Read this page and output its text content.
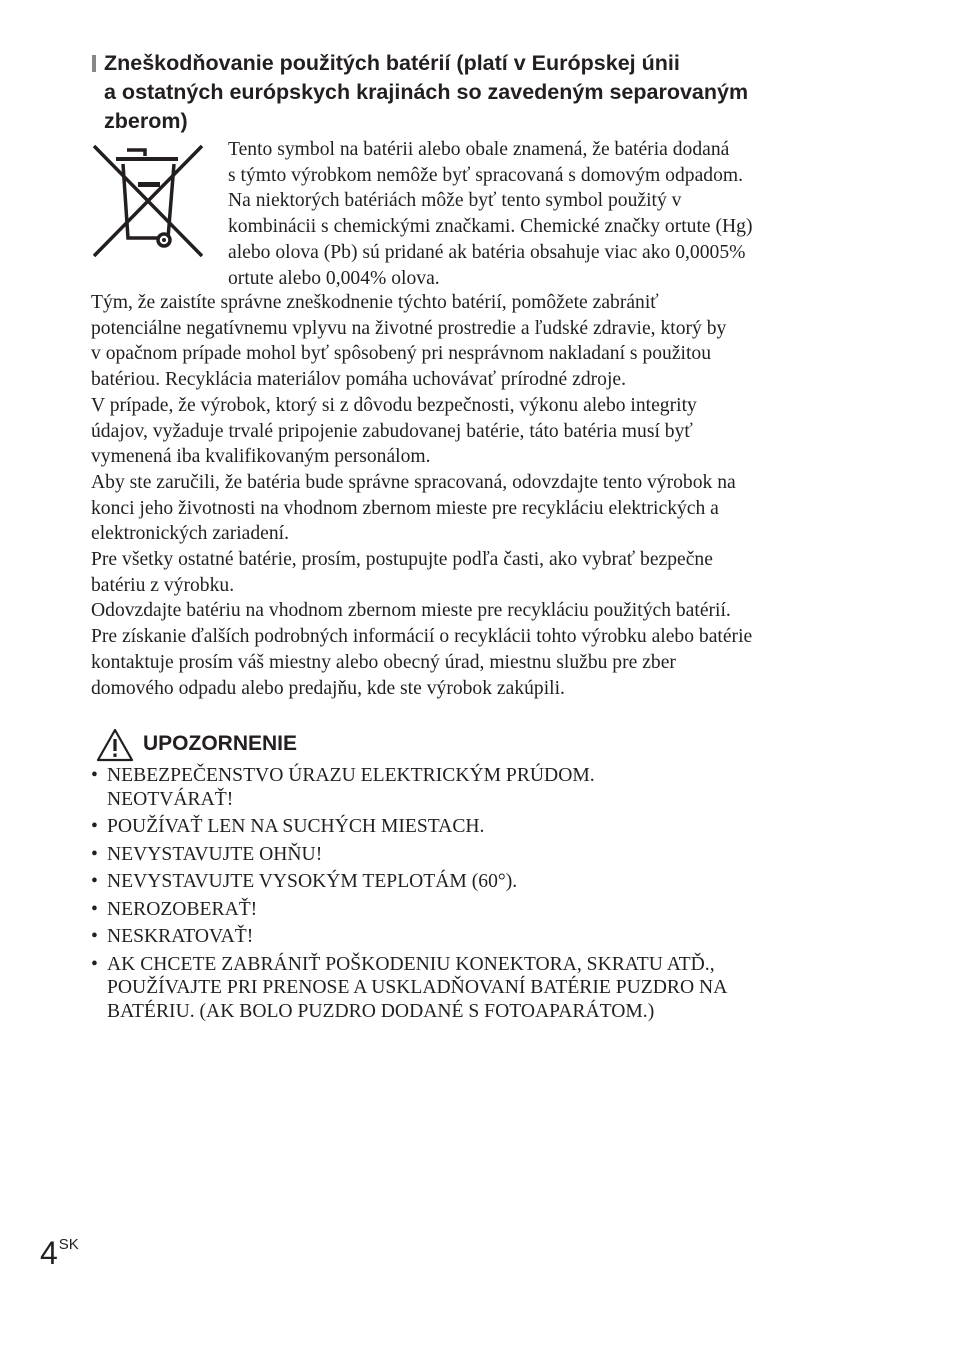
Zneškodňovanie použitých batérií (platí v Európskej únii
a ostatných európskych krajinách so zavedeným separovaným
zberom)
Tento symbol na batérii alebo obale znamená, že batéria dodaná
s týmto výrobkom nemôže byť spracovaná s domovým odpadom.
Na niektorých batériách môže byť tento symbol použitý v
kombinácii s chemickými značkami. Chemické značky ortute (Hg)
alebo olova (Pb) sú pridané ak batéria obsahuje viac ako 0,0005%
ortute alebo 0,004% olova.
Tým, že zaistíte správne zneškodnenie týchto batérií, pomôžete zabrániť
potenciálne negatívnemu vplyvu na životné prostredie a ľudské zdravie, ktorý by
v opačnom prípade mohol byť spôsobený pri nesprávnom nakladaní s použitou
batériou. Recyklácia materiálov pomáha uchovávať prírodné zdroje.
V prípade, že výrobok, ktorý si z dôvodu bezpečnosti, výkonu alebo integrity
údajov, vyžaduje trvalé pripojenie zabudovanej batérie, táto batéria musí byť
vymenená iba kvalifikovaným personálom.
Aby ste zaručili, že batéria bude správne spracovaná, odovzdajte tento výrobok na
konci jeho životnosti na vhodnom zbernom mieste pre recykláciu elektrických a
elektronických zariadení.
Pre všetky ostatné batérie, prosím, postupujte podľa časti, ako vybrať bezpečne
batériu z výrobku.
Odovzdajte batériu na vhodnom zbernom mieste pre recykláciu použitých batérií.
Pre získanie ďalších podrobných informácií o recyklácii tohto výrobku alebo batérie
kontaktuje prosím váš miestny alebo obecný úrad, miestnu službu pre zber
domového odpadu alebo predajňu, kde ste výrobok zakúpili.
UPOZORNENIE
• NEBEZPEČENSTVO ÚRAZU ELEKTRICKÝM PRÚDOM.
NEOTVÁRAŤ!
• POUŽÍVAŤ LEN NA SUCHÝCH MIESTACH.
• NEVYSTAVUJTE OHŇU!
• NEVYSTAVUJTE VYSOKÝM TEPLOTÁM (60°).
• NEROZOBERAŤ!
• NESKRATOVAŤ!
• AK CHCETE ZABRÁNIŤ POŠKODENIU KONEKTORA, SKRATU ATĎ.,
POUŽÍVAJTE PRI PRENOSE A USKLADŇOVANÍ BATÉRIE PUZDRO NA
BATÉRIU. (AK BOLO PUZDRO DODANÉ S FOTOAPARÁTOM.)
$4^{SK}$
